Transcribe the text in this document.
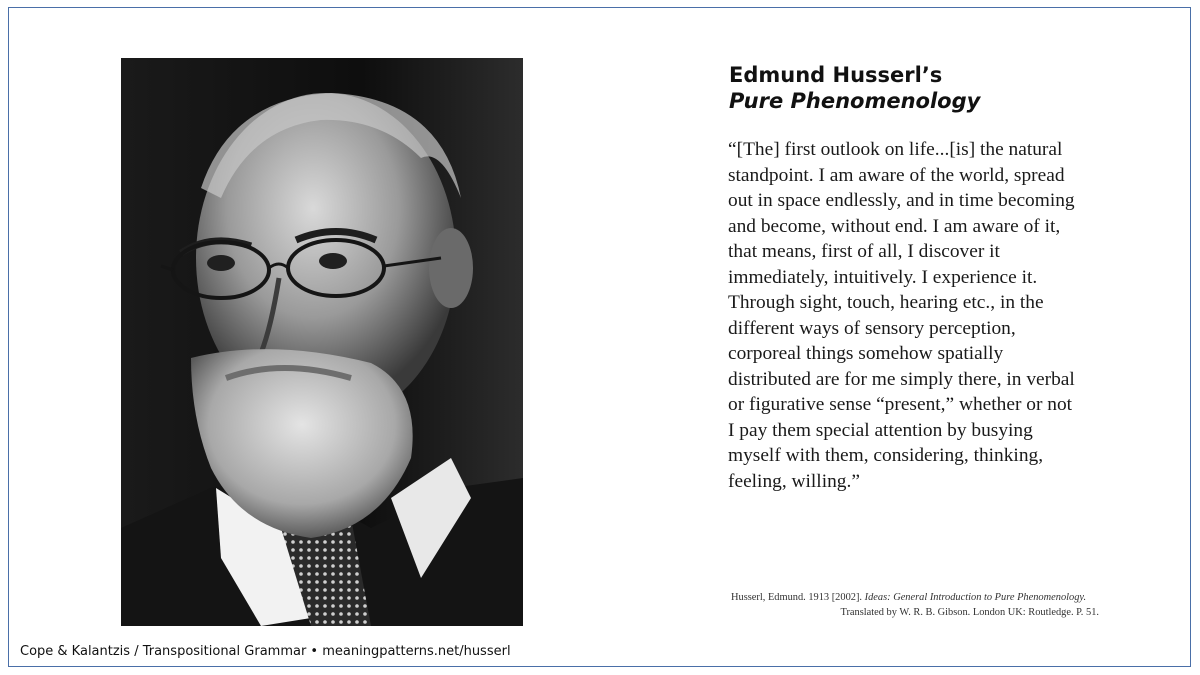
Edmund Husserl’s
Pure Phenomenology
“[The] first outlook on life...[is] the natural standpoint. I am aware of the world, spread out in space endlessly, and in time becoming and become, without end. I am aware of it, that means, first of all, I discover it immediately, intuitively. I experience it. Through sight, touch, hearing etc., in the different ways of sensory perception, corporeal things somehow spatially distributed are for me simply there, in verbal or figurative sense “present,” whether or not I pay them special attention by busying myself with them, considering, thinking, feeling, willing.”
Husserl, Edmund. 1913 [2002]. Ideas: General Introduction to Pure Phenomenology.
Translated by W. R. B. Gibson. London UK: Routledge. P. 51.
Cope & Kalantzis / Transpositional Grammar • meaningpatterns.net/husserl
